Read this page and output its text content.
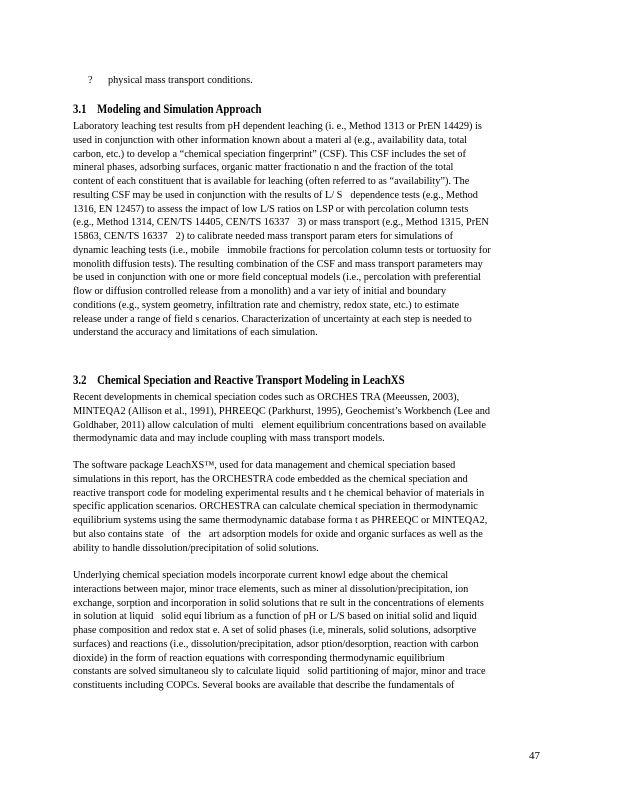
? physical mass transport conditions.
3.1 Modeling and Simulation Approach
Laboratory leaching test results from pH dependent leaching (i. e., Method 1313 or PrEN 14429) is
used in conjunction with other information known about a materi al (e.g., availability data, total
carbon, etc.) to develop a “chemical speciation fingerprint” (CSF). This CSF includes the set of
mineral phases, adsorbing surfaces, organic matter fractionatio n and the fraction of the total
content of each constituent that is available for leaching (often referred to as “availability”). The
resulting CSF may be used in conjunction with the results of L/ S􀀀dependence tests (e.g., Method
1316, EN 12457) to assess the impact of low L/S ratios on LSP or with percolation column tests
(e.g., Method 1314, CEN/TS 14405, CEN/TS 16337􀀀3) or mass transport (e.g., Method 1315, PrEN
15863, CEN/TS 16337􀀀2) to calibrate needed mass transport param eters for simulations of
dynamic leaching tests (i.e., mobile􀀀immobile fractions for percolation column tests or tortuosity for
monolith diffusion tests). The resulting combination of the CSF and mass transport parameters may
be used in conjunction with one or more field conceptual models (i.e., percolation with preferential
flow or diffusion controlled release from a monolith) and a var iety of initial and boundary
conditions (e.g., system geometry, infiltration rate and chemistry, redox state, etc.) to estimate
release under a range of field s cenarios. Characterization of uncertainty at each step is needed to
understand the accuracy and limitations of each simulation.
3.2 Chemical Speciation and Reactive Transport Modeling in LeachXS
Recent developments in chemical speciation codes such as ORCHES TRA (Meeussen, 2003),
MINTEQA2 (Allison et al., 1991), PHREEQC (Parkhurst, 1995), Geochemist’s Workbench (Lee and
Goldhaber, 2011) allow calculation of multi􀀀element equilibrium concentrations based on available
thermodynamic data and may include coupling with mass transport models.
The software package LeachXS™, used for data management and chemical speciation based
simulations in this report, has the ORCHESTRA code embedded as the chemical speciation and
reactive transport code for modeling experimental results and t he chemical behavior of materials in
specific application scenarios. ORCHESTRA can calculate chemical speciation in thermodynamic
equilibrium systems using the same thermodynamic database forma t as PHREEQC or MINTEQA2,
but also contains state􀀀of􀀀the􀀀art adsorption models for oxide and organic surfaces as well as the
ability to handle dissolution/precipitation of solid solutions.
Underlying chemical speciation models incorporate current knowl edge about the chemical
interactions between major, minor trace elements, such as miner al dissolution/precipitation, ion
exchange, sorption and incorporation in solid solutions that re sult in the concentrations of elements
in solution at liquid􀀀solid equi librium as a function of pH or L/S based on initial solid and liquid
phase composition and redox stat e. A set of solid phases (i.e, minerals, solid solutions, adsorptive
surfaces) and reactions (i.e., dissolution/precipitation, adsor ption/desorption, reaction with carbon
dioxide) in the form of reaction equations with corresponding thermodynamic equilibrium
constants are solved simultaneou sly to calculate liquid􀀀solid partitioning of major, minor and trace
constituents including COPCs. Several books are available that describe the fundamentals of
47
